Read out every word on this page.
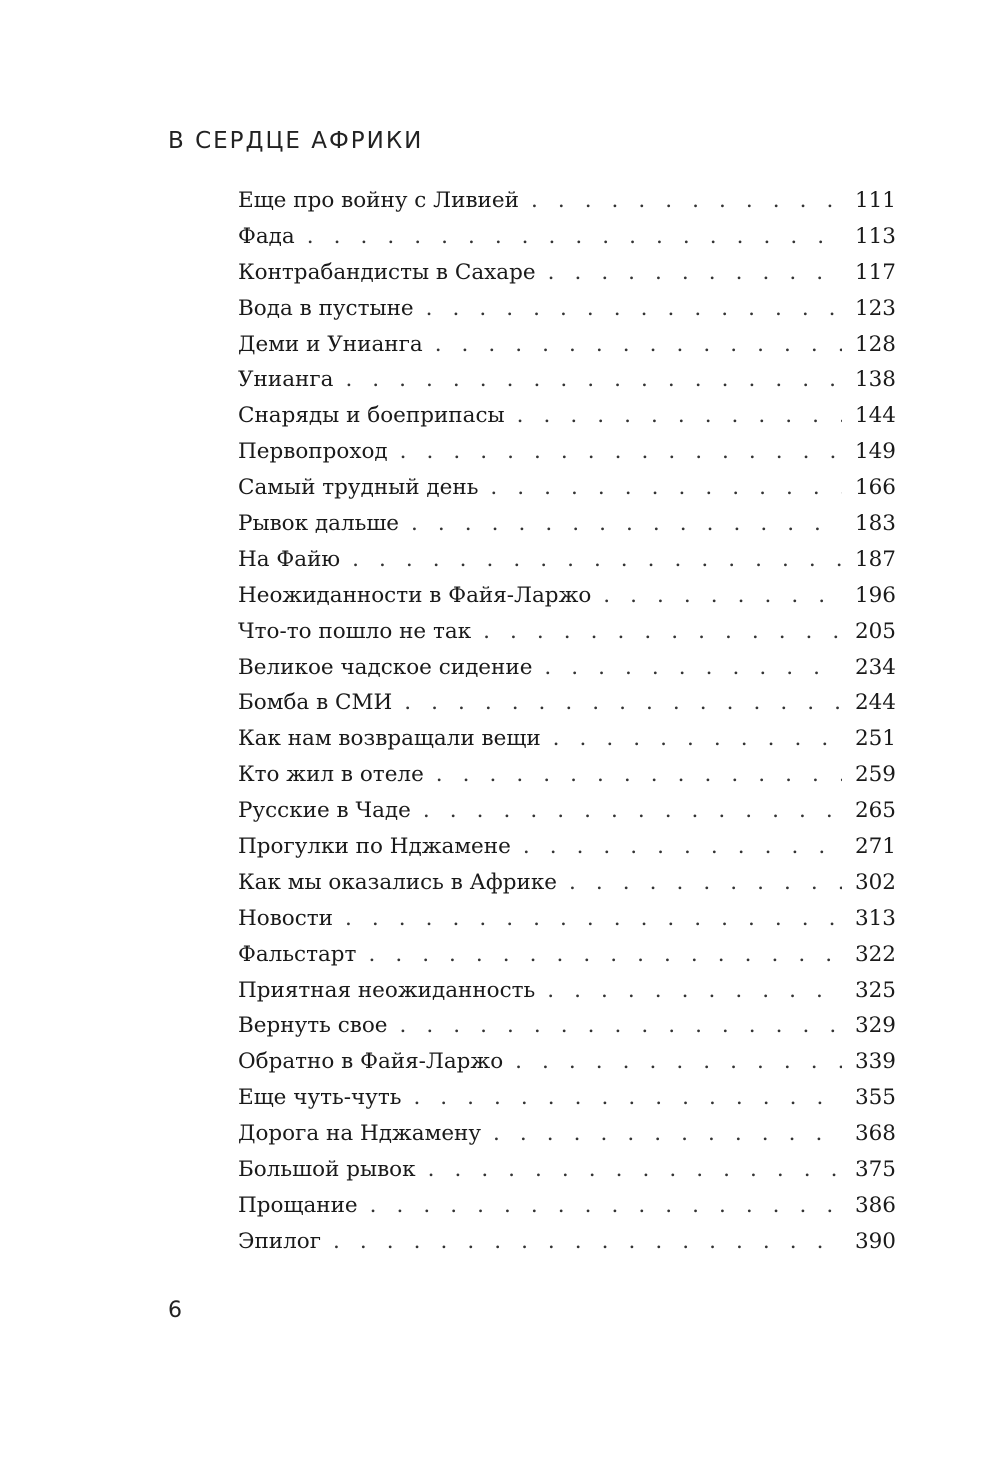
В СЕРДЦЕ АФРИКИ
Еще про войну с Ливией . . .	111
Фада . . .	113
Контрабандисты в Сахаре . . .	117
Вода в пустыне . . .	123
Деми и Унианга . . .	128
Униангa . . .	138
Снаряды и боеприпасы . . .	144
Первопроход . . .	149
Самый трудный день . . .	166
Рывок дальше . . .	183
На Файю . . .	187
Неожиданности в Файя-Ларжо . . .	196
Что-то пошло не так . . .	205
Великое чадское сидение . . .	234
Бомба в СМИ . . .	244
Как нам возвращали вещи . . .	251
Кто жил в отеле . . .	259
Русские в Чаде . . .	265
Прогулки по Нджамене . . .	271
Как мы оказались в Африке . . .	302
Новости . . .	313
Фальстарт . . .	322
Приятная неожиданность . . .	325
Вернуть свое . . .	329
Обратно в Файя-Ларжо . . .	339
Еще чуть-чуть . . .	355
Дорога на Нджамену . . .	368
Большой рывок . . .	375
Прощание . . .	386
Эпилог . . .	390
6
